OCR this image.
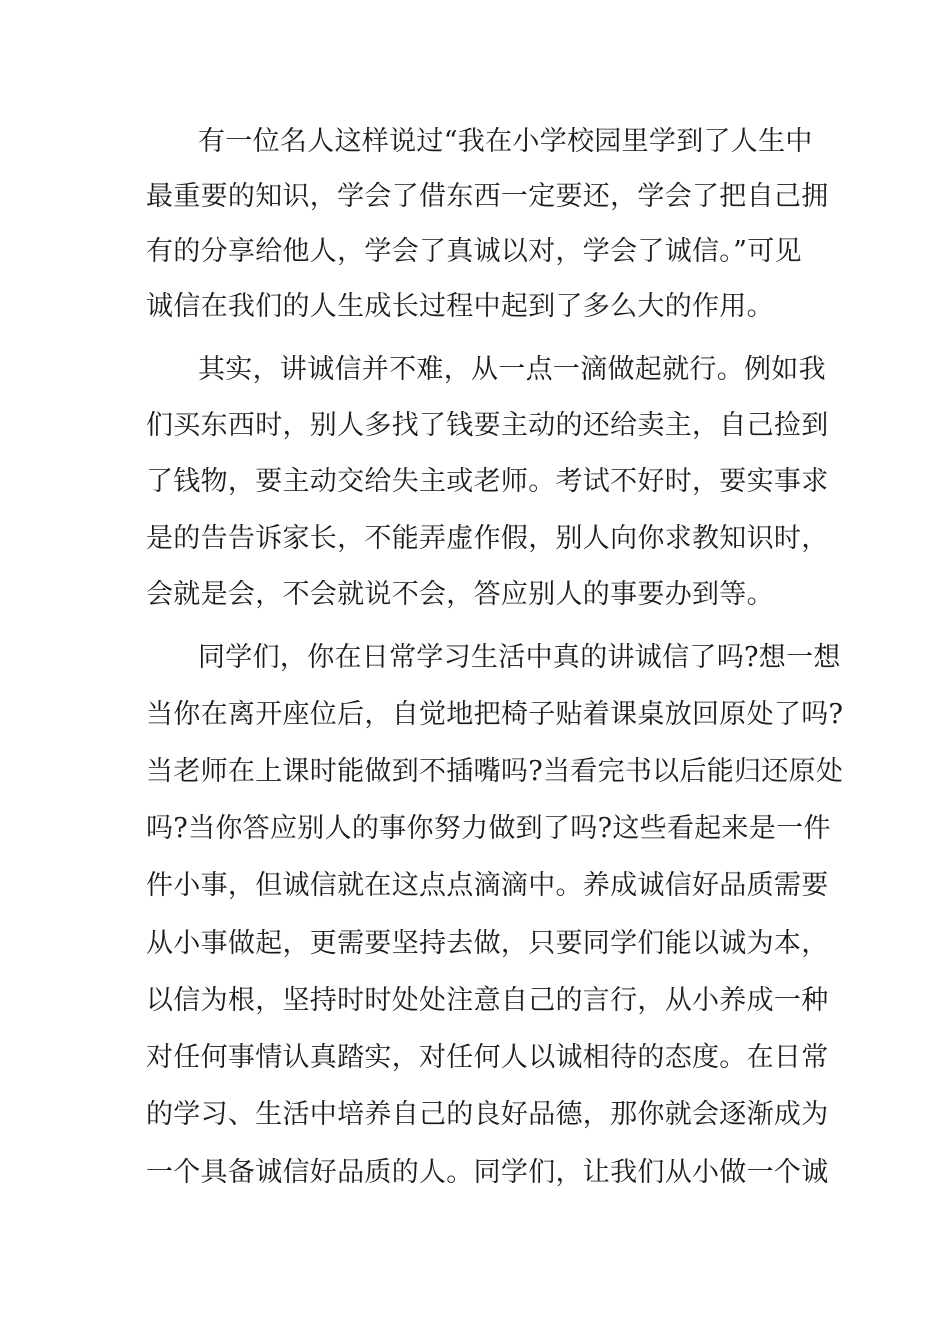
有一位名人这样说过“我在小学校园里学到了人生中
最重要的知识，学会了借东西一定要还，学会了把自己拥
有的分享给他人，学会了真诚以对，学会了诚信。”可见
诚信在我们的人生成长过程中起到了多么大的作用。
其实，讲诚信并不难，从一点一滴做起就行。例如我
们买东西时，别人多找了钱要主动的还给卖主，自己捡到
了钱物，要主动交给失主或老师。考试不好时，要实事求
是的告告诉家长，不能弄虚作假，别人向你求教知识时，
会就是会，不会就说不会，答应别人的事要办到等。
同学们，你在日常学习生活中真的讲诚信了吗?想一想
当你在离开座位后，自觉地把椅子贴着课桌放回原处了吗?
当老师在上课时能做到不插嘴吗?当看完书以后能归还原处
吗?当你答应别人的事你努力做到了吗?这些看起来是一件
件小事，但诚信就在这点点滴滴中。养成诚信好品质需要
从小事做起，更需要坚持去做，只要同学们能以诚为本，
以信为根，坚持时时处处注意自己的言行，从小养成一种
对任何事情认真踏实，对任何人以诚相待的态度。在日常
的学习、生活中培养自己的良好品德，那你就会逐渐成为
一个具备诚信好品质的人。同学们，让我们从小做一个诚
